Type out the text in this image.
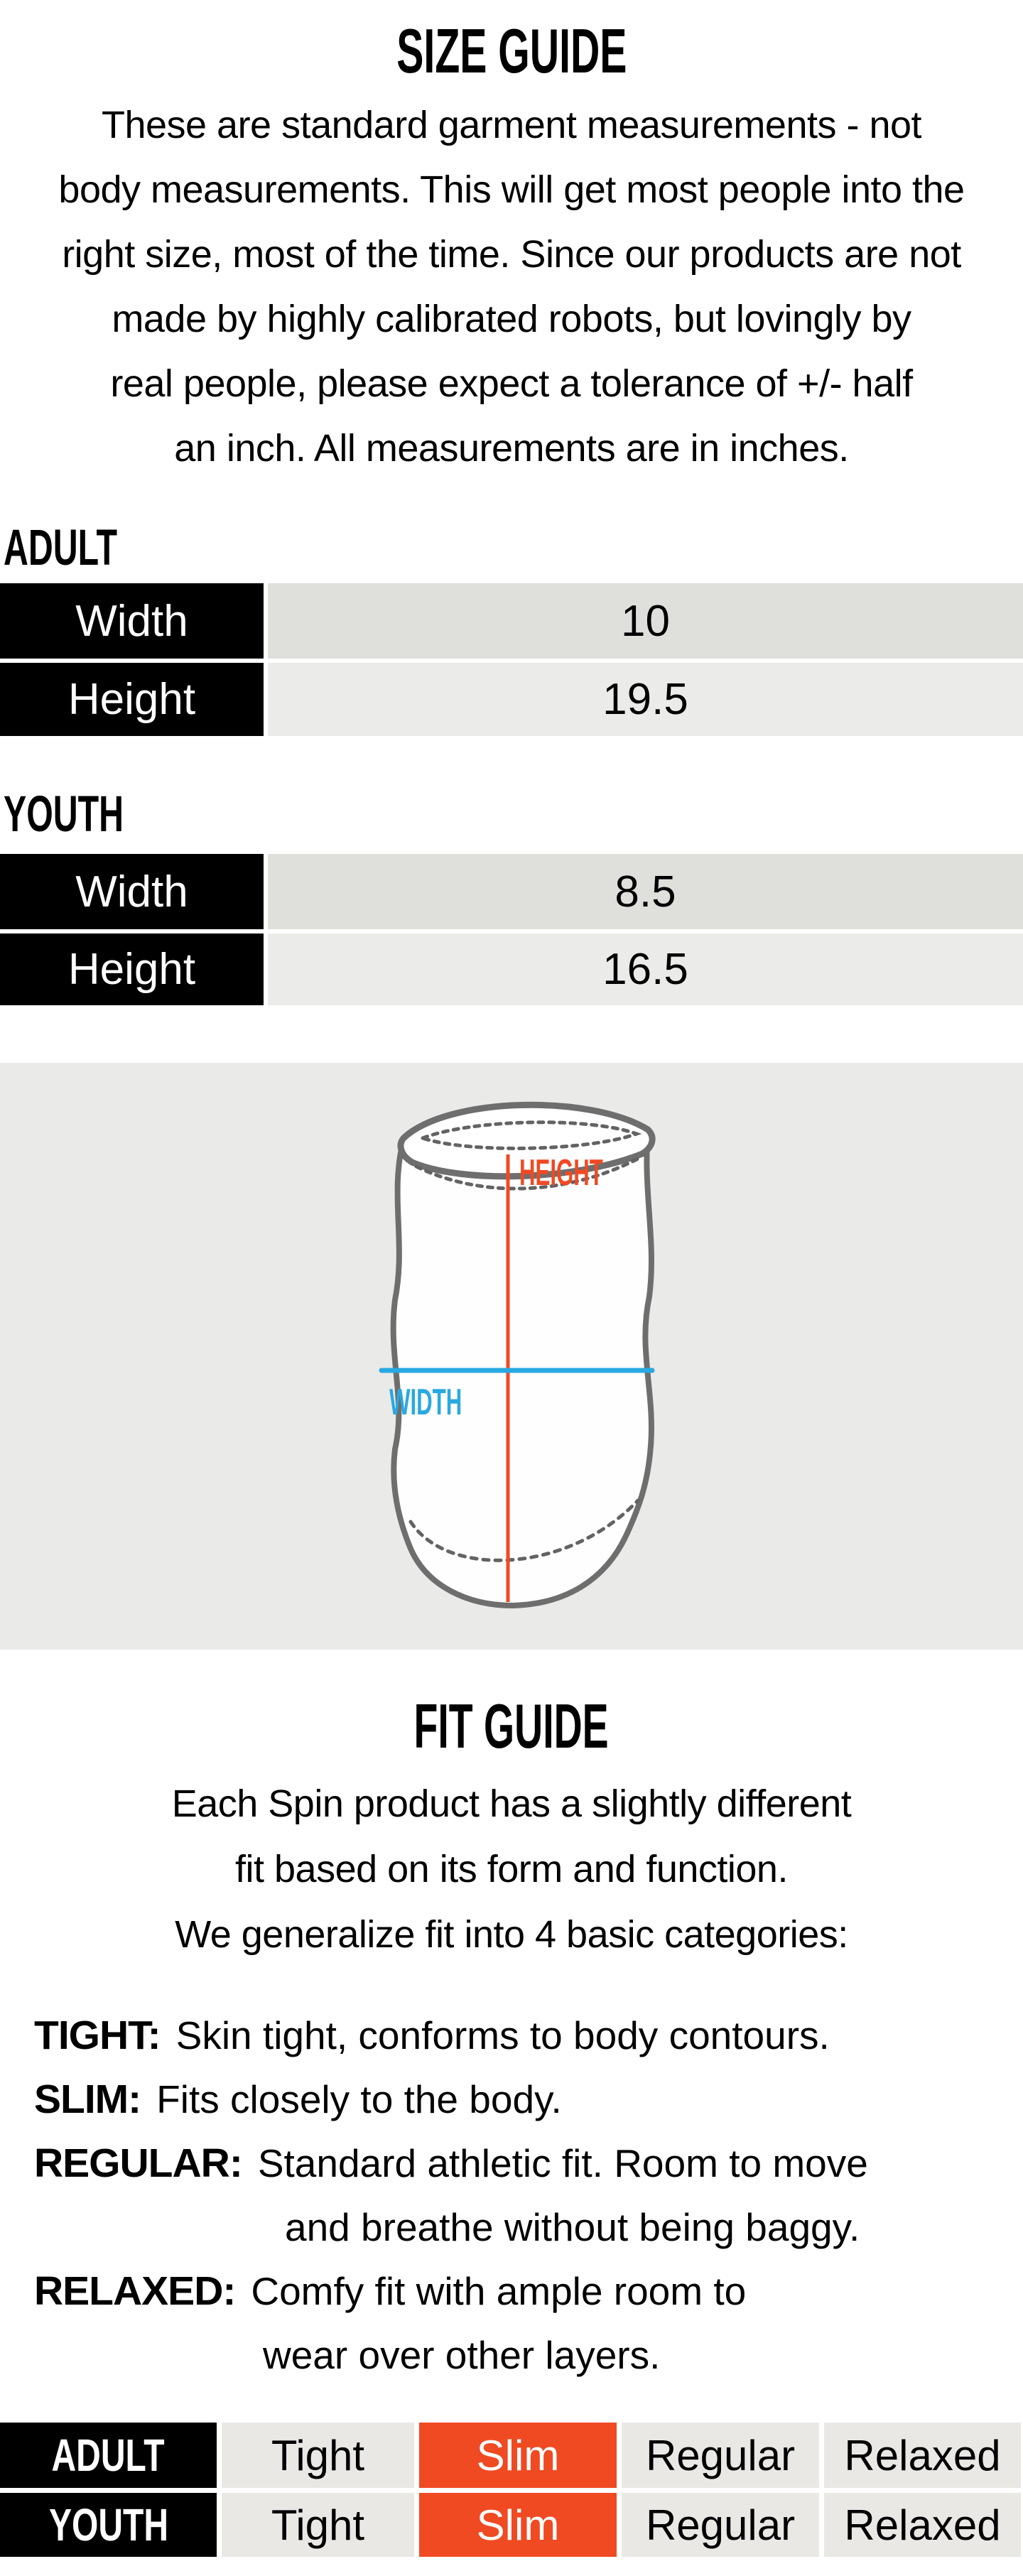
SIZE GUIDE
These are standard garment measurements - not
body measurements. This will get most people into the
right size, most of the time. Since our products are not
made by highly calibrated robots, but lovingly by
real people, please expect a tolerance of +/- half
an inch. All measurements are in inches.
ADULT
Width	10
Height	19.5
YOUTH
Width	8.5
Height	16.5
HEIGHT
WIDTH
FIT GUIDE
Each Spin product has a slightly different
fit based on its form and function.
We generalize fit into 4 basic categories:
TIGHT: Skin tight, conforms to body contours.
SLIM: Fits closely to the body.
REGULAR: Standard athletic fit. Room to move
and breathe without being baggy.
RELAXED: Comfy fit with ample room to
wear over other layers.
ADULT	Tight	Slim	Regular	Relaxed
YOUTH	Tight	Slim	Regular	Relaxed
